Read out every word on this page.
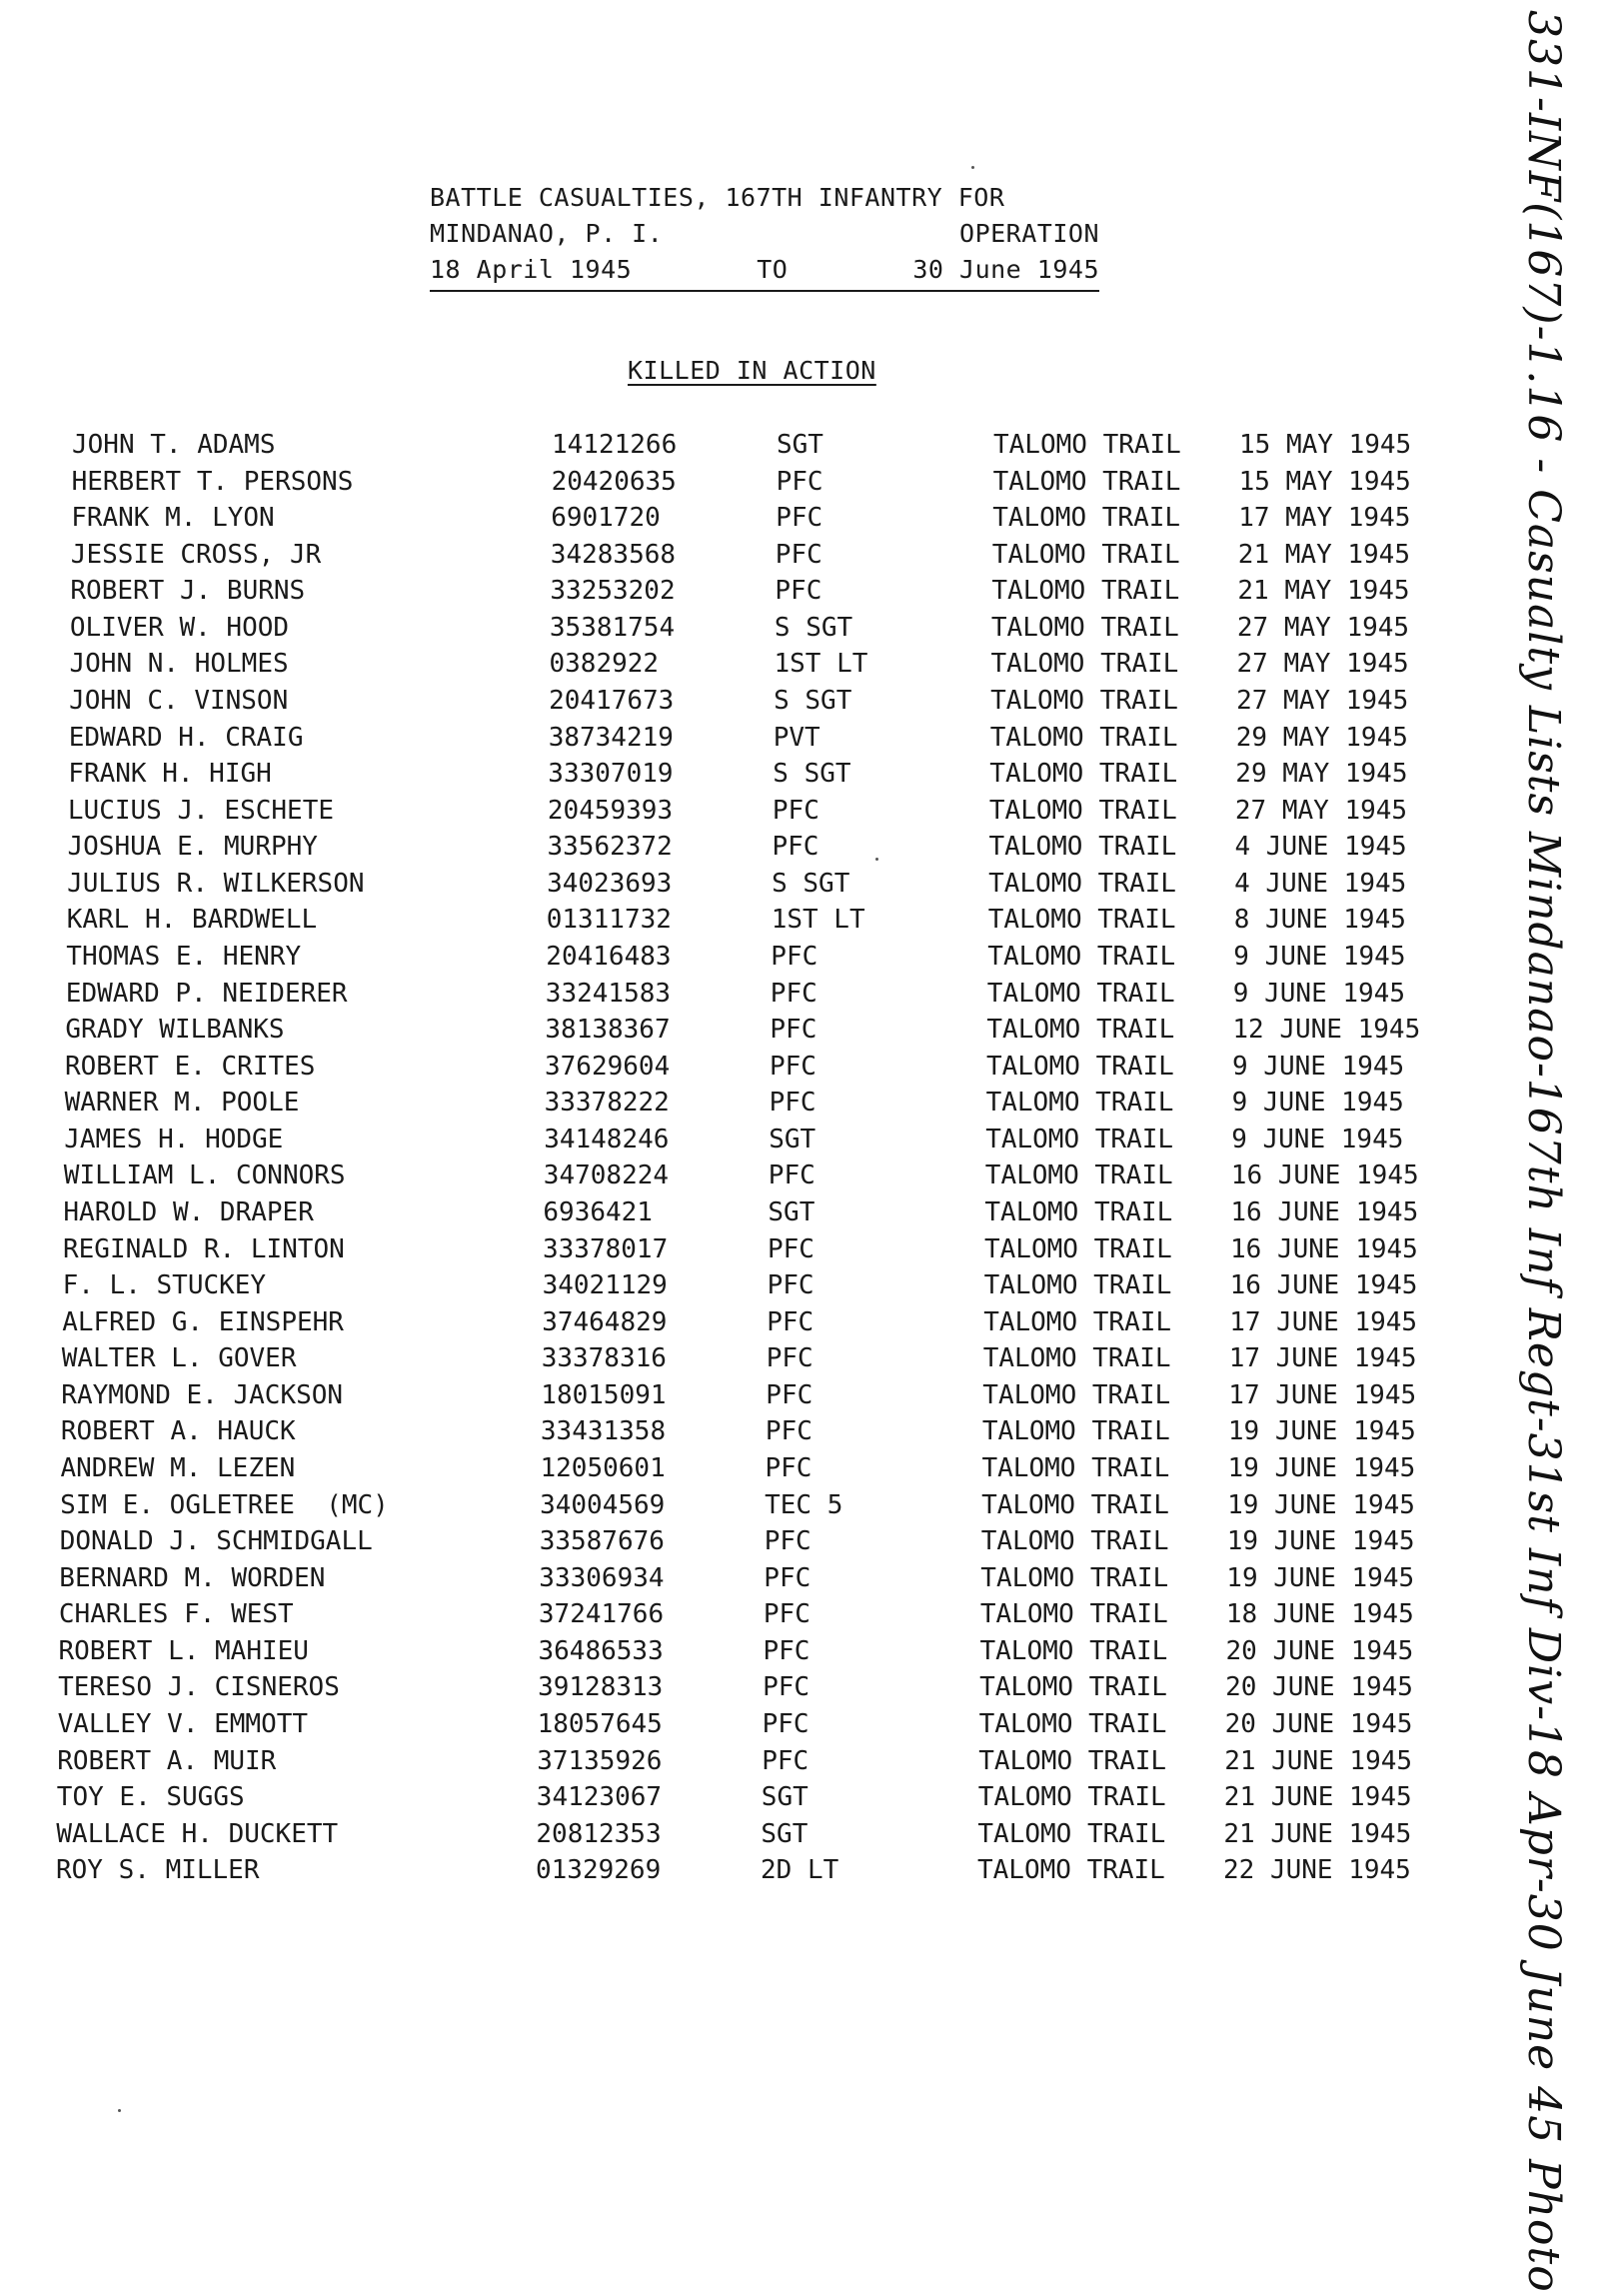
BATTLE CASUALTIES, 167TH INFANTRY FOR
MINDANAO, P. I.	OPERATION
18 April 1945	TO	30 June 1945
KILLED IN ACTION
JOHN T. ADAMS	14121266	SGT	TALOMO TRAIL 15 MAY 1945
HERBERT T. PERSONS	20420635	PFC	TALOMO TRAIL 15 MAY 1945
FRANK M. LYON	6901720	PFC	TALOMO TRAIL 17 MAY 1945
JESSIE CROSS, JR	34283568	PFC	TALOMO TRAIL 21 MAY 1945
ROBERT J. BURNS	33253202	PFC	TALOMO TRAIL 21 MAY 1945
OLIVER W. HOOD	35381754	S SGT	TALOMO TRAIL 27 MAY 1945
JOHN N. HOLMES	0382922	1ST LT	TALOMO TRAIL 27 MAY 1945
JOHN C. VINSON	20417673	S SGT	TALOMO TRAIL 27 MAY 1945
EDWARD H. CRAIG	38734219	PVT	TALOMO TRAIL 29 MAY 1945
FRANK H. HIGH	33307019	S SGT	TALOMO TRAIL 29 MAY 1945
LUCIUS J. ESCHETE	20459393	PFC	TALOMO TRAIL 27 MAY 1945
JOSHUA E. MURPHY	33562372	PFC	TALOMO TRAIL 4 JUNE 1945
JULIUS R. WILKERSON	34023693	S SGT	TALOMO TRAIL 4 JUNE 1945
KARL H. BARDWELL	01311732	1ST LT	TALOMO TRAIL 8 JUNE 1945
THOMAS E. HENRY	20416483	PFC	TALOMO TRAIL 9 JUNE 1945
EDWARD P. NEIDERER	33241583	PFC	TALOMO TRAIL 9 JUNE 1945
GRADY WILBANKS	38138367	PFC	TALOMO TRAIL 12 JUNE 1945
ROBERT E. CRITES	37629604	PFC	TALOMO TRAIL 9 JUNE 1945
WARNER M. POOLE	33378222	PFC	TALOMO TRAIL 9 JUNE 1945
JAMES H. HODGE	34148246	SGT	TALOMO TRAIL 9 JUNE 1945
WILLIAM L. CONNORS	34708224	PFC	TALOMO TRAIL 16 JUNE 1945
HAROLD W. DRAPER	6936421	SGT	TALOMO TRAIL 16 JUNE 1945
REGINALD R. LINTON	33378017	PFC	TALOMO TRAIL 16 JUNE 1945
F. L. STUCKEY	34021129	PFC	TALOMO TRAIL 16 JUNE 1945
ALFRED G. EINSPEHR	37464829	PFC	TALOMO TRAIL 17 JUNE 1945
WALTER L. GOVER	33378316	PFC	TALOMO TRAIL 17 JUNE 1945
RAYMOND E. JACKSON	18015091	PFC	TALOMO TRAIL 17 JUNE 1945
ROBERT A. HAUCK	33431358	PFC	TALOMO TRAIL 19 JUNE 1945
ANDREW M. LEZEN	12050601	PFC	TALOMO TRAIL 19 JUNE 1945
SIM E. OGLETREE  (MC)	34004569	TEC 5	TALOMO TRAIL 19 JUNE 1945
DONALD J. SCHMIDGALL	33587676	PFC	TALOMO TRAIL 19 JUNE 1945
BERNARD M. WORDEN	33306934	PFC	TALOMO TRAIL 19 JUNE 1945
CHARLES F. WEST	37241766	PFC	TALOMO TRAIL 18 JUNE 1945
ROBERT L. MAHIEU	36486533	PFC	TALOMO TRAIL 20 JUNE 1945
TERESO J. CISNEROS	39128313	PFC	TALOMO TRAIL 20 JUNE 1945
VALLEY V. EMMOTT	18057645	PFC	TALOMO TRAIL 20 JUNE 1945
ROBERT A. MUIR	37135926	PFC	TALOMO TRAIL 21 JUNE 1945
TOY E. SUGGS	34123067	SGT	TALOMO TRAIL 21 JUNE 1945
WALLACE H. DUCKETT	20812353	SGT	TALOMO TRAIL 21 JUNE 1945
ROY S. MILLER	01329269	2D LT	TALOMO TRAIL 22 JUNE 1945 331-INF(167)-1.16 - Casualty Lists Mindanao-167th Inf Regt-31st Inf Div-18 Apr-30 June 45 Photo
